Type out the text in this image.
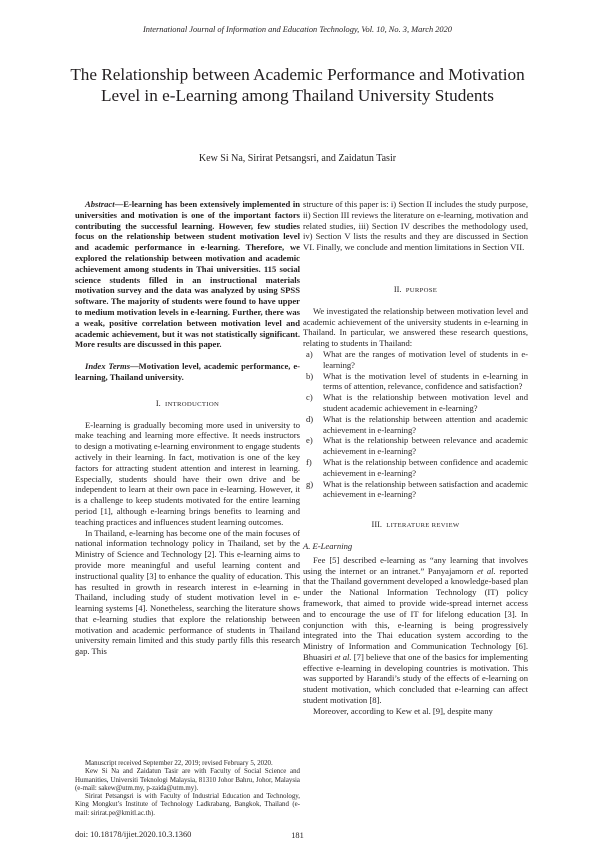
International Journal of Information and Education Technology, Vol. 10, No. 3, March 2020
The Relationship between Academic Performance and Motivation Level in e-Learning among Thailand University Students
Kew Si Na, Sirirat Petsangsri, and Zaidatun Tasir

Abstract—E-learning has been extensively implemented in universities and motivation is one of the important factors contributing the successful learning. However, few studies focus on the relationship between student motivation level and academic performance in e-learning. Therefore, we explored the relationship between motivation and academic achievement among students in Thai universities. 115 social science students filled in an instructional materials motivation survey and the data was analyzed by using SPSS software. The majority of students were found to have upper to medium motivation levels in e-learning. Further, there was a weak, positive correlation between motivation level and academic achievement, but it was not statistically significant. More results are discussed in this paper.

Index Terms—Motivation level, academic performance, e-learning, Thailand university.

I. INTRODUCTION

E-learning is gradually becoming more used in university to make teaching and learning more effective. It needs instructors to design a motivating e-learning environment to engage students actively in their learning. In fact, motivation is one of the key factors for attracting student attention and interest in learning. Especially, students should have their own drive and be independent to learn at their own pace in e-learning. However, it is a challenge to keep students motivated for the entire learning period [1], although e-learning brings benefits to learning and teaching practices and influences student learning outcomes.

In Thailand, e-learning has become one of the main focuses of national information technology policy in Thailand, set by the Ministry of Science and Technology [2]. This e-learning aims to provide more meaningful and useful learning content and instructional quality [3] to enhance the quality of education. This has resulted in growth in research interest in e-learning in Thailand, including study of student motivation level in e-learning systems [4]. Nonetheless, searching the literature shows that e-learning studies that explore the relationship between motivation and academic performance of students in Thailand university remain limited and this study partly fills this research gap. This

structure of this paper is: i) Section II includes the study purpose, ii) Section III reviews the literature on e-learning, motivation and related studies, iii) Section IV describes the methodology used, iv) Section V lists the results and they are discussed in Section VI. Finally, we conclude and mention limitations in Section VII.

II. PURPOSE

We investigated the relationship between motivation level and academic achievement of the university students in e-learning in Thailand. In particular, we answered these research questions, relating to students in Thailand:

a) What are the ranges of motivation level of students in e-learning?
b) What is the motivation level of students in e-learning in terms of attention, relevance, confidence and satisfaction?
c) What is the relationship between motivation level and student academic achievement in e-learning?
d) What is the relationship between attention and academic achievement in e-learning?
e) What is the relationship between relevance and academic achievement in e-learning?
f) What is the relationship between confidence and academic achievement in e-learning?
g) What is the relationship between satisfaction and academic achievement in e-learning?
III. LITERATURE REVIEW
A. E-Learning

Fee [5] described e-learning as “any learning that involves using the internet or an intranet.” Panyajamorn et al. reported that the Thailand government developed a knowledge-based plan under the National Information Technology (IT) policy framework, that aimed to provide wide-spread internet access and to encourage the use of IT for lifelong education [3]. In conjunction with this, e-learning is being progressively integrated into the Thai education system according to the Ministry of Information and Communication Technology [6]. Bhuasiri et al. [7] believe that one of the basics for implementing effective e-learning in developing countries is motivation. This was supported by Harandi’s study of the effects of e-learning on student motivation, which concluded that e-learning can affect student motivation [8].

Moreover, according to Kew et al. [9], despite many

Manuscript received September 22, 2019; revised February 5, 2020.

Kew Si Na and Zaidatun Tasir are with Faculty of Social Science and Humanities, Universiti Teknologi Malaysia, 81310 Johor Bahru, Johor, Malaysia (e-mail: sakew@utm.my, p-zaida@utm.my).

Sirirat Petsangsri is with Faculty of Industrial Education and Technology, King Mongkut’s Institute of Technology Ladkrabang, Bangkok, Thailand (e-mail: sirirat.pe@kmitl.ac.th).

doi: 10.18178/ijiet.2020.10.3.1360	181
